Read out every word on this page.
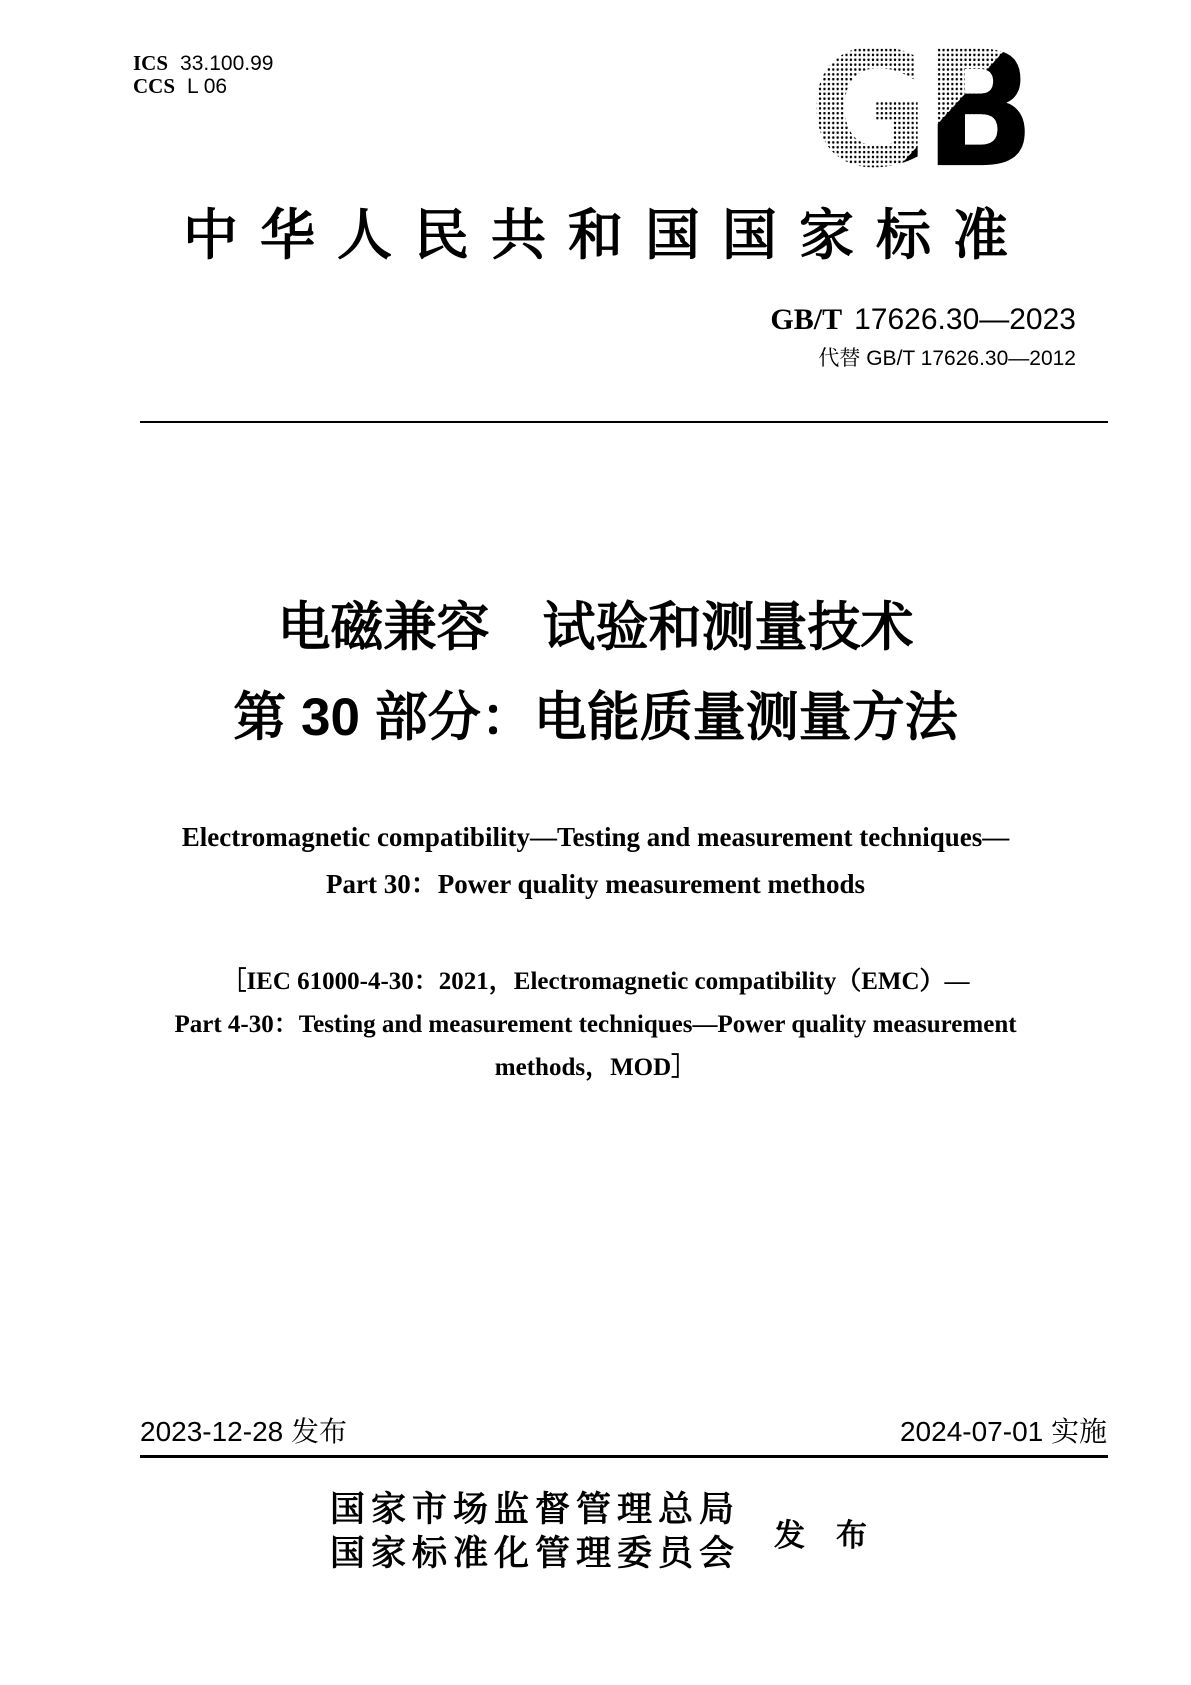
ICS 33.100.99
CCS L 06	GB
中华人民共和国国家标准
GB/T 17626.30—2023
代替 GB/T 17626.30—2012
电磁兼容　试验和测量技术
第 30 部分：电能质量测量方法
Electromagnetic compatibility—Testing and measurement techniques—
Part 30：Power quality measurement methods
［IEC 61000-4-30：2021，Electromagnetic compatibility（EMC）—
Part 4-30：Testing and measurement techniques—Power quality measurement
methods，MOD］
2023-12-28 发布	2024-07-01 实施
国家市场监督管理总局
国家标准化管理委员会 发　布
